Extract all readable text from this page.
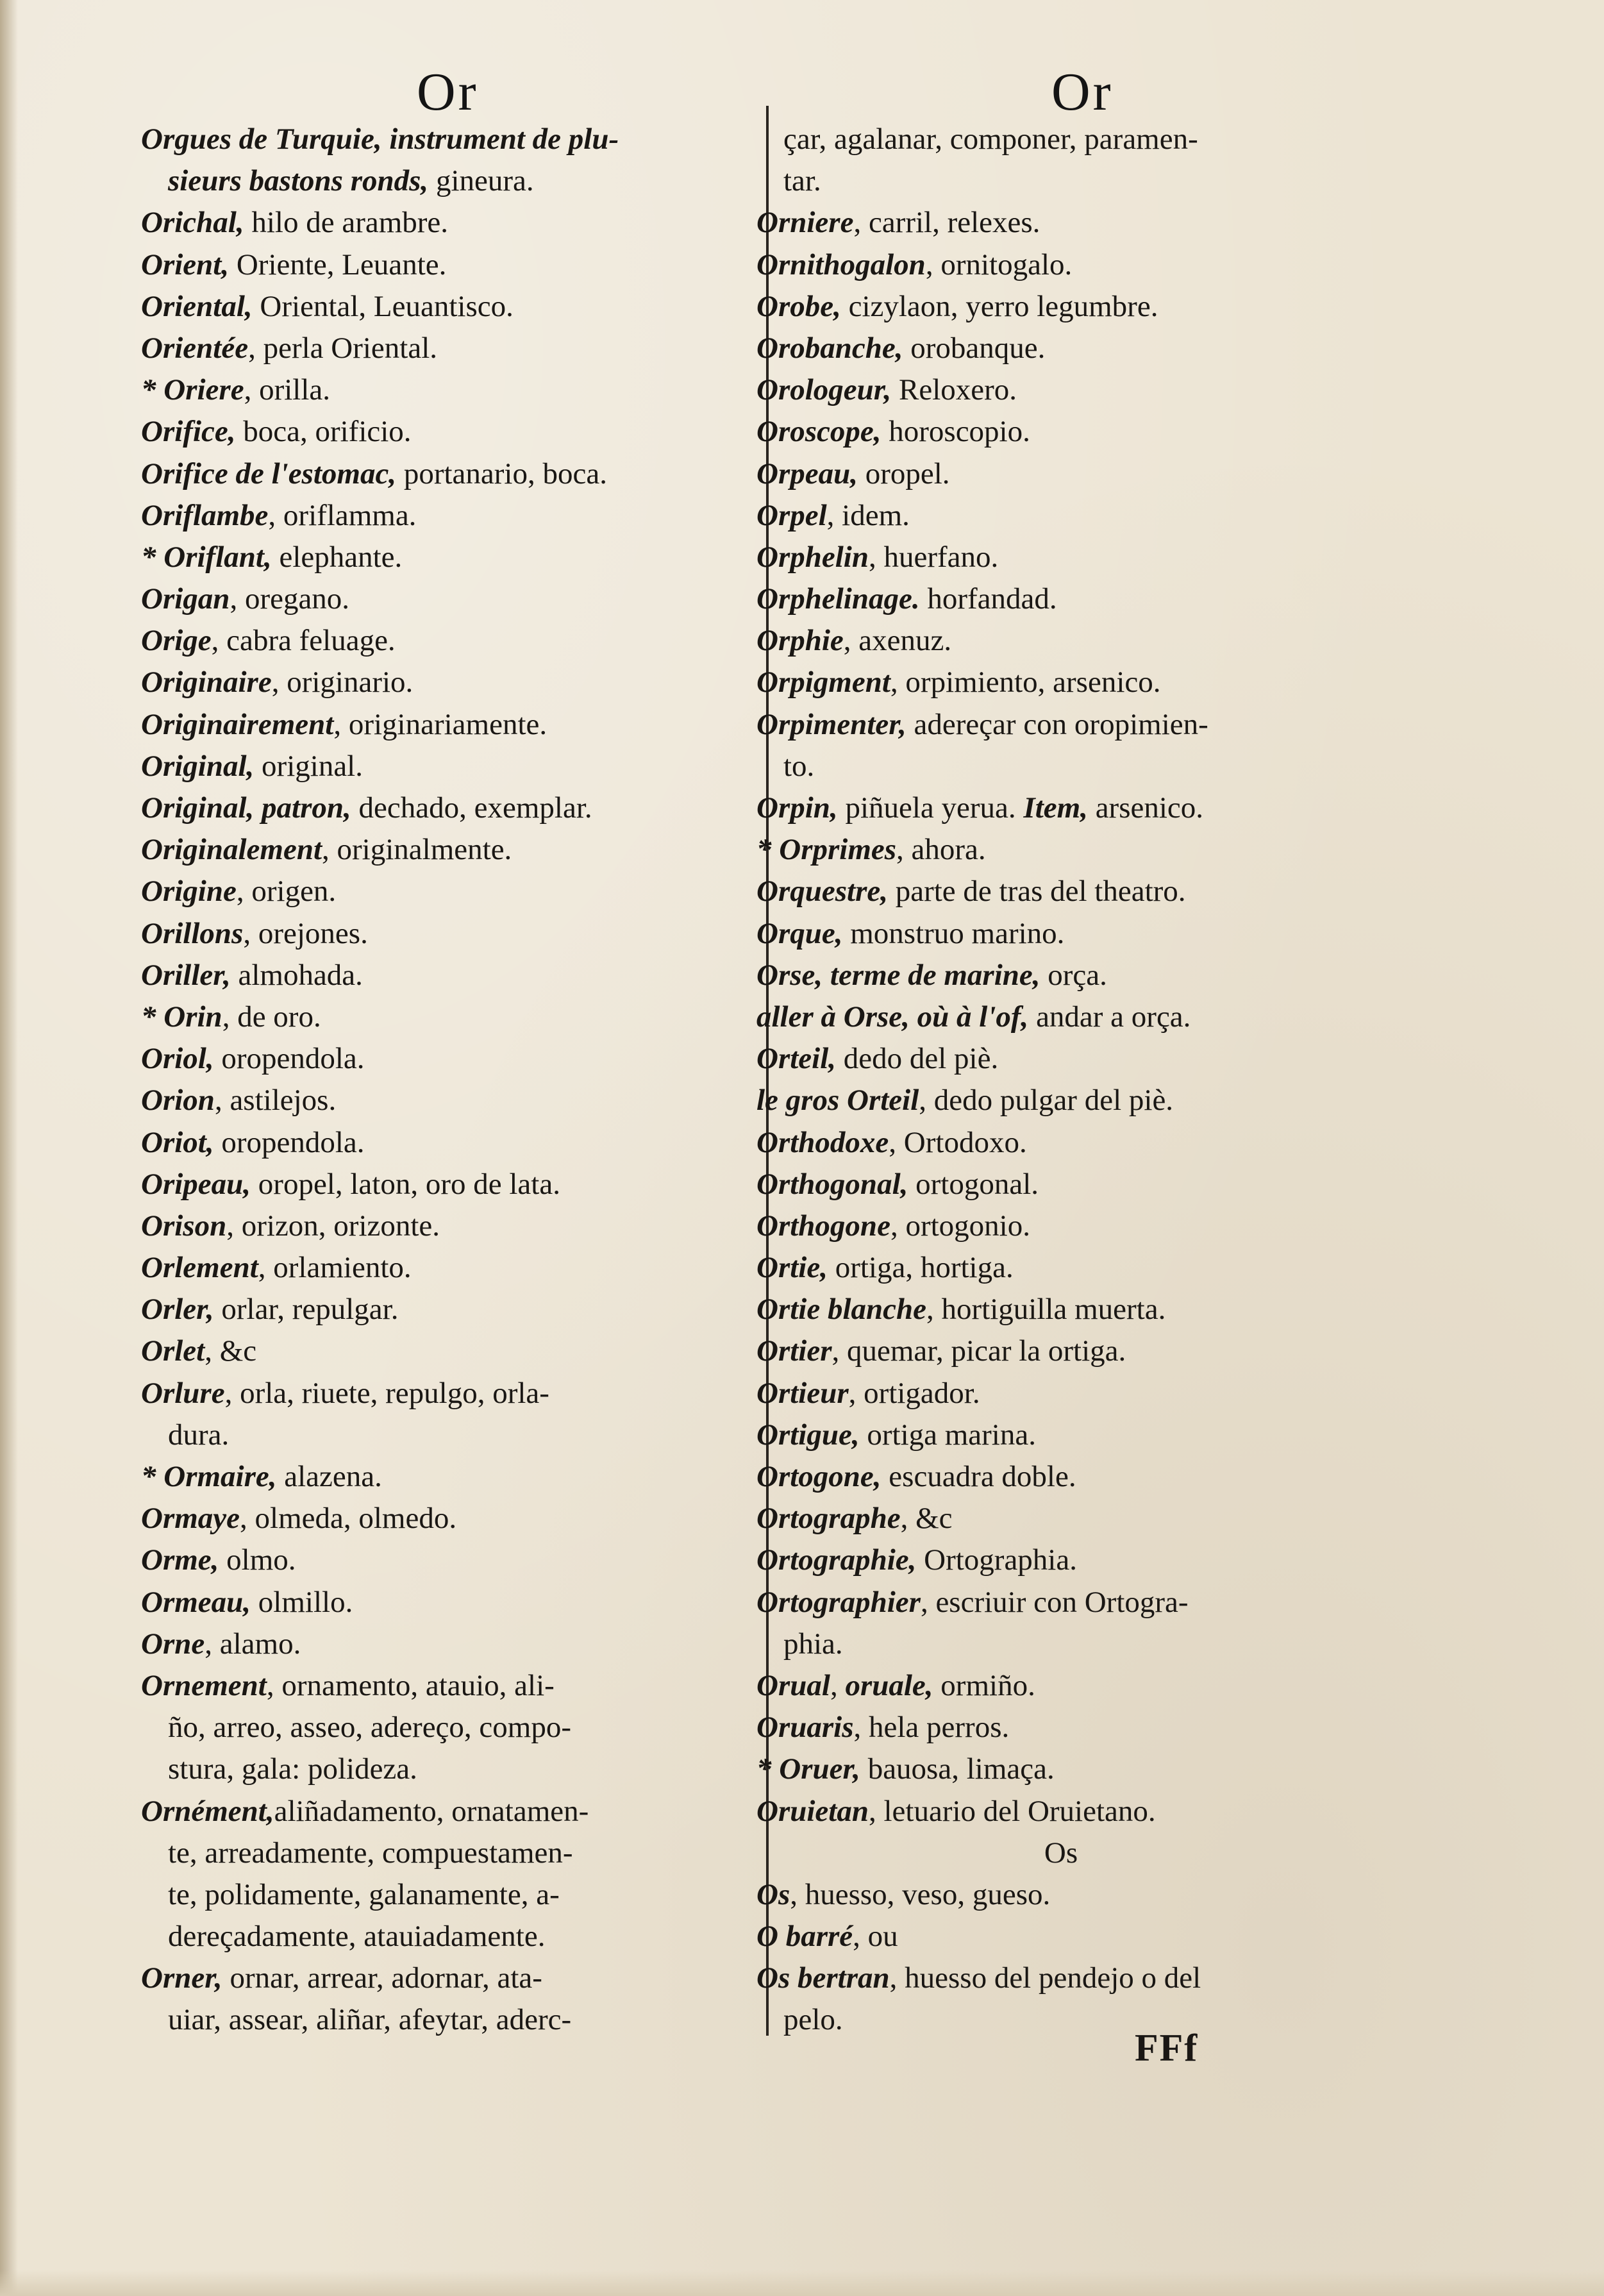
Or	Or
Orgues de Turquie, instrument de plu-
sieurs bastons ronds, gineura.
Orichal, hilo de arambre.
Orient, Oriente, Leuante.
Oriental, Oriental, Leuantisco.
Orientée, perla Oriental.
* Oriere, orilla.
Orifice, boca, orificio.
Orifice de l'estomac, portanario, boca.
Oriflambe, oriflamma.
* Oriflant, elephante.
Origan, oregano.
Orige, cabra feluage.
Originaire, originario.
Originairement, originariamente.
Original, original.
Original, patron, dechado, exemplar.
Originalement, originalmente.
Origine, origen.
Orillons, orejones.
Oriller, almohada.
* Orin, de oro.
Oriol, oropendola.
Orion, astilejos.
Oriot, oropendola.
Oripeau, oropel, laton, oro de lata.
Orison, orizon, orizonte.
Orlement, orlamiento.
Orler, orlar, repulgar.
Orlet, &c
Orlure, orla, riuete, repulgo, orla-
dura.
* Ormaire, alazena.
Ormaye, olmeda, olmedo.
Orme, olmo.
Ormeau, olmillo.
Orne, alamo.
Ornement, ornamento, atauio, ali-
ño, arreo, asseo, adereço, compo-
stura, gala: polideza.
Ornément,aliñadamento, ornatamen-
te, arreadamente, compuestamen-
te, polidamente, galanamente, a-
dereçadamente, atauiadamente.
Orner, ornar, arrear, adornar, ata-
uiar, assear, aliñar, afeytar, aderc-
çar, agalanar, componer, paramen-
tar.
Orniere, carril, relexes.
Ornithogalon, ornitogalo.
Orobe, cizylaon, yerro legumbre.
Orobanche, orobanque.
Orologeur, Reloxero.
Oroscope, horoscopio.
Orpeau, oropel.
Orpel, idem.
Orphelin, huerfano.
Orphelinage. horfandad.
Orphie, axenuz.
Orpigment, orpimiento, arsenico.
Orpimenter, adereçar con oropimien-
to.
Orpin, piñuela yerua. Item, arsenico.
* Orprimes, ahora.
Orquestre, parte de tras del theatro.
Orque, monstruo marino.
Orse, terme de marine, orça.
aller à Orse, où à l'of, andar a orça.
Orteil, dedo del piè.
le gros Orteil, dedo pulgar del piè.
Orthodoxe, Ortodoxo.
Orthogonal, ortogonal.
Orthogone, ortogonio.
Ortie, ortiga, hortiga.
Ortie blanche, hortiguilla muerta.
Ortier, quemar, picar la ortiga.
Ortieur, ortigador.
Ortigue, ortiga marina.
Ortogone, escuadra doble.
Ortographe, &c
Ortographie, Ortographia.
Ortographier, escriuir con Ortogra-
phia.
Orual, oruale, ormiño.
Oruaris, hela perros.
* Oruer, bauosa, limaça.
Oruietan, letuario del Oruietano.
Os
Os, huesso, veso, gueso.
O barré, ou
Os bertran, huesso del pendejo o del
pelo.
FFf
